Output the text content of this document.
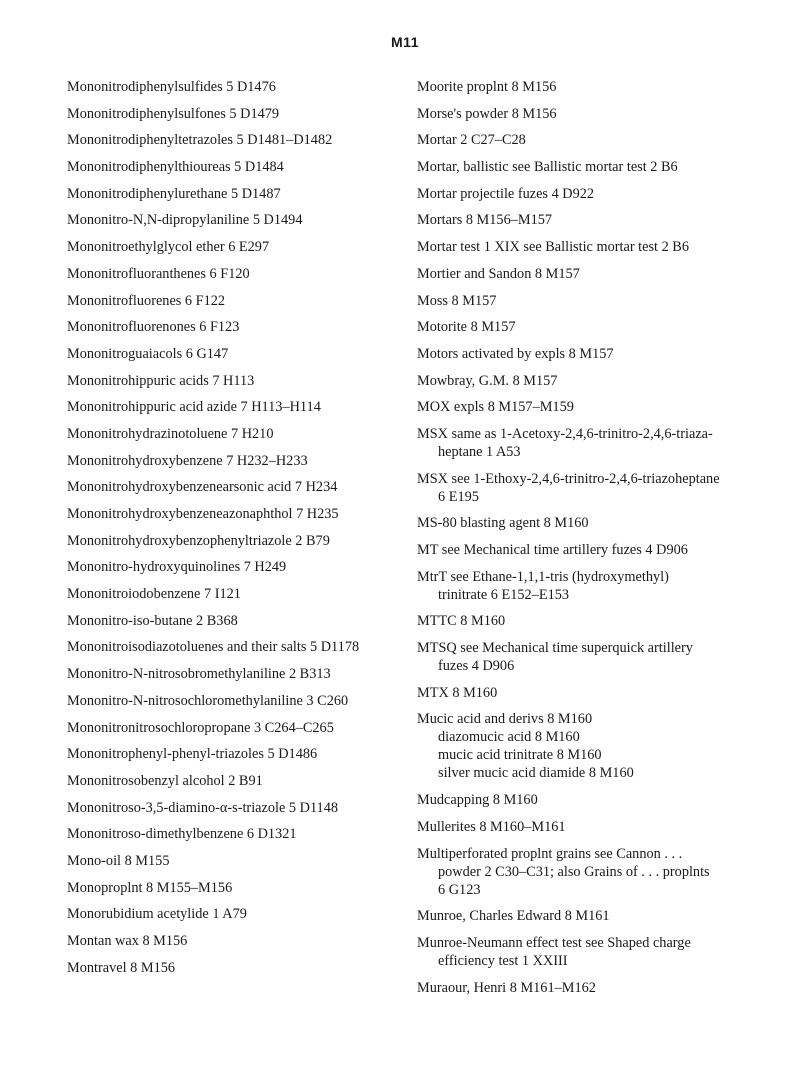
M11
Mononitrodiphenylsulfides 5 D1476
Mononitrodiphenylsulfones 5 D1479
Mononitrodiphenyltetrazoles 5 D1481–D1482
Mononitrodiphenylthioureas 5 D1484
Mononitrodiphenylurethane 5 D1487
Mononitro-N,N-dipropylaniline 5 D1494
Mononitroethylglycol ether 6 E297
Mononitrofluoranthenes 6 F120
Mononitrofluorenes 6 F122
Mononitrofluorenones 6 F123
Mononitroguaiacols 6 G147
Mononitrohippuric acids 7 H113
Mononitrohippuric acid azide 7 H113–H114
Mononitrohydrazinotoluene 7 H210
Mononitrohydroxybenzene 7 H232–H233
Mononitrohydroxybenzenearsonic acid 7 H234
Mononitrohydroxybenzeneazonaphthol 7 H235
Mononitrohydroxybenzophenyltriazole 2 B79
Mononitro-hydroxyquinolines 7 H249
Mononitroiodobenzene 7 I121
Mononitro-iso-butane 2 B368
Mononitroisodiazotoluenes and their salts 5 D1178
Mononitro-N-nitrosobromethylaniline 2 B313
Mononitro-N-nitrosochloromethylaniline 3 C260
Mononitronitrosochloropropane 3 C264–C265
Mononitrophenyl-phenyl-triazoles 5 D1486
Mononitrosobenzyl alcohol 2 B91
Mononitroso-3,5-diamino-α-s-triazole 5 D1148
Mononitroso-dimethylbenzene 6 D1321
Mono-oil 8 M155
Monoproplnt 8 M155–M156
Monorubidium acetylide 1 A79
Montan wax 8 M156
Montravel 8 M156
Moorite proplnt 8 M156
Morse's powder 8 M156
Mortar 2 C27–C28
Mortar, ballistic see Ballistic mortar test 2 B6
Mortar projectile fuzes 4 D922
Mortars 8 M156–M157
Mortar test 1 XIX see Ballistic mortar test 2 B6
Mortier and Sandon 8 M157
Moss 8 M157
Motorite 8 M157
Motors activated by expls 8 M157
Mowbray, G.M. 8 M157
MOX expls 8 M157–M159
MSX same as 1-Acetoxy-2,4,6-trinitro-2,4,6-triaza-
heptane 1 A53
MSX see 1-Ethoxy-2,4,6-trinitro-2,4,6-triazoheptane
6 E195
MS-80 blasting agent 8 M160
MT see Mechanical time artillery fuzes 4 D906
MtrT see Ethane-1,1,1-tris (hydroxymethyl)
trinitrate 6 E152–E153
MTTC 8 M160
MTSQ see Mechanical time superquick artillery
fuzes 4 D906
MTX 8 M160
Mucic acid and derivs 8 M160
diazomucic acid 8 M160
mucic acid trinitrate 8 M160
silver mucic acid diamide 8 M160
Mudcapping 8 M160
Mullerites 8 M160–M161
Multiperforated proplnt grains see Cannon . . .
powder 2 C30–C31; also Grains of . . . proplnts
6 G123
Munroe, Charles Edward 8 M161
Munroe-Neumann effect test see Shaped charge
efficiency test 1 XXIII
Muraour, Henri 8 M161–M162
